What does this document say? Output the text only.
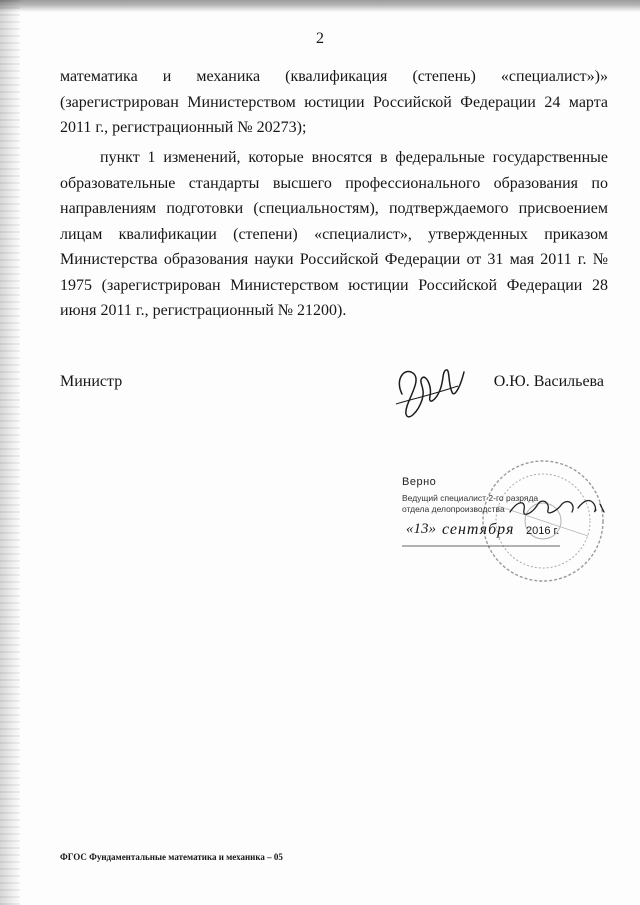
2

математика и механика (квалификация (степень) «специалист»)» (зарегистрирован Министерством юстиции Российской Федерации 24 марта 2011 г., регистрационный № 20273);

пункт 1 изменений, которые вносятся в федеральные государственные образовательные стандарты высшего профессионального образования по направлениям подготовки (специальностям), подтверждаемого присвоением лицам квалификации (степени) «специалист», утвержденных приказом Министерства образования науки Российской Федерации от 31 мая 2011 г. № 1975 (зарегистрирован Министерством юстиции Российской Федерации 28 июня 2011 г., регистрационный № 21200).

Министр	О.Ю. Васильева
Верно
Ведущий специалист 2-го разряда
отдела делопроизводства
«13» сентября 2016 г.
ФГОС Фундаментальные математика и механика – 05
